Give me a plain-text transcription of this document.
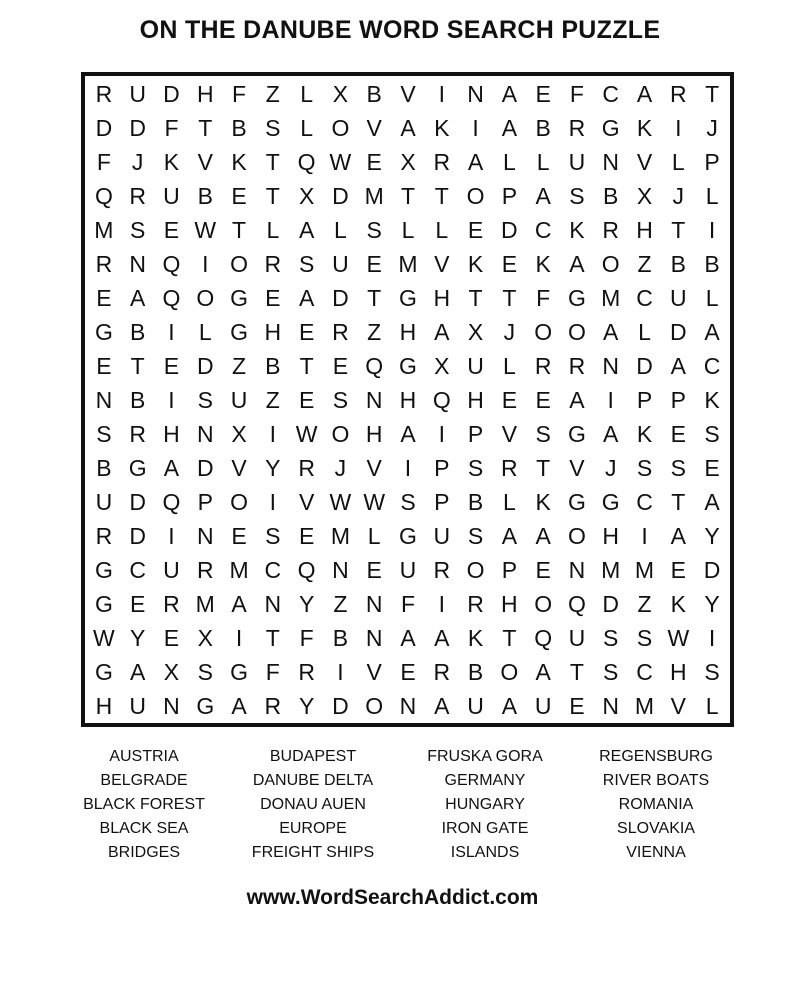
ON THE DANUBE WORD SEARCH PUZZLE
R U D H F Z L X B V I N A E F C A R T
D D F T B S L O V A K I A B R G K I	J
F J K V K T Q W E X R A L L U N V L P
Q R U B E T X D M T T O P A S B X J L
M S E W T L A L S L L E D C K R H T	I
R N Q I O R S U E M V K E K A O Z B B
E A Q O G E A D T G H T T F G M C U L
G B I	L G H E R Z H A X J O O A L D A
E T E D Z B T E Q G X U L R R N D A C
N B I S U Z E S N H Q H E E A I P P K
S R H N X I W O H A I P V S G A K E S
B G A D V Y R J V I P S R T V J S S E
U D Q P O I V W W S P B L K G G C T A
R D I N E S E M L G U S A A O H I A Y
G C U R M C Q N E U R O P E N M M E D
G E R M A N Y Z N F	I R H O Q D Z K Y
W Y E X I	T F B N A A K T Q U S S W I
G A X S G F R I V E R B O A T S C H S
H U N G A R Y D O N A U A U E N M V L
AUSTRIA
BELGRADE
BLACK FOREST
BLACK SEA
BRIDGES
BUDAPEST
DANUBE DELTA
DONAU AUEN
EUROPE
FREIGHT SHIPS
FRUSKA GORA
GERMANY
HUNGARY
IRON GATE
ISLANDS
REGENSBURG
RIVER BOATS
ROMANIA
SLOVAKIA
VIENNA
www.WordSearchAddict.com
